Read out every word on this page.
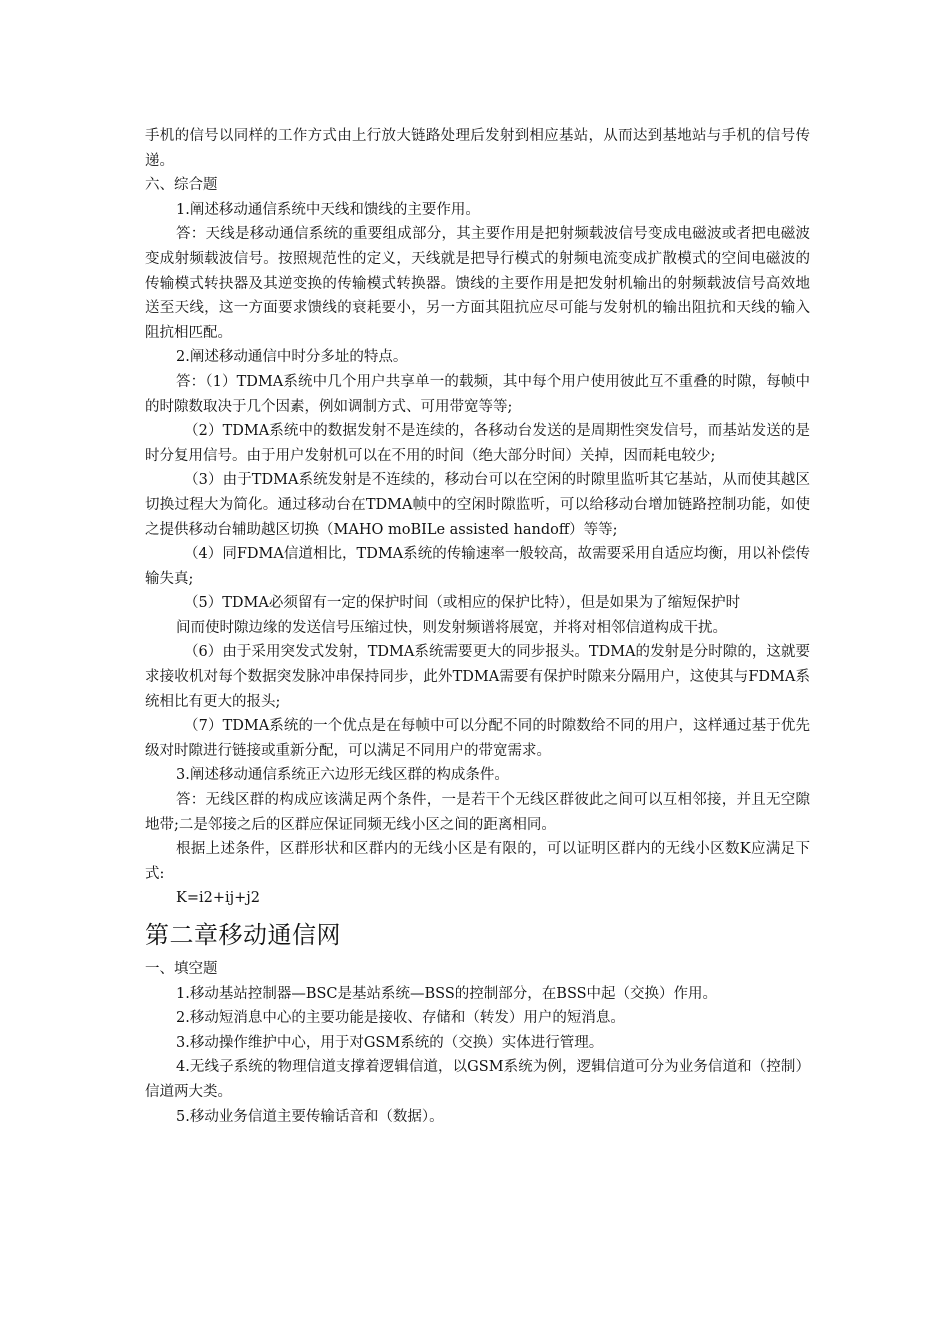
手机的信号以同样的工作方式由上行放大链路处理后发射到相应基站，从而达到基地站与手机的信号传递。

六、综合题

1.阐述移动通信系统中天线和馈线的主要作用。

答：天线是移动通信系统的重要组成部分，其主要作用是把射频载波信号变成电磁波或者把电磁波变成射频载波信号。按照规范性的定义，天线就是把导行模式的射频电流变成扩散模式的空间电磁波的传输模式转抉器及其逆变换的传输模式转换器。馈线的主要作用是把发射机输出的射频载波信号高效地送至天线，这一方面要求馈线的衰耗要小，另一方面其阻抗应尽可能与发射机的输出阻抗和天线的输入阻抗相匹配。

2.阐述移动通信中时分多址的特点。

答：（1）TDMA系统中几个用户共享单一的载频，其中每个用户使用彼此互不重叠的时隙，每帧中的时隙数取决于几个因素，例如调制方式、可用带宽等等;

（2）TDMA系统中的数据发射不是连续的，各移动台发送的是周期性突发信号，而基站发送的是时分复用信号。由于用户发射机可以在不用的时间（绝大部分时间）关掉，因而耗电较少;

（3）由于TDMA系统发射是不连续的，移动台可以在空闲的时隙里监听其它基站，从而使其越区切换过程大为简化。通过移动台在TDMA帧中的空闲时隙监听，可以给移动台增加链路控制功能，如使之提供移动台辅助越区切换（MAHO moBILe assisted handoff）等等;

（4）同FDMA信道相比，TDMA系统的传输速率一般较高，故需要采用自适应均衡，用以补偿传输失真;

（5）TDMA必须留有一定的保护时间（或相应的保护比特），但是如果为了缩短保护时

间而使时隙边缘的发送信号压缩过快，则发射频谱将展宽，并将对相邻信道构成干扰。

（6）由于采用突发式发射，TDMA系统需要更大的同步报头。TDMA的发射是分时隙的，这就要求接收机对每个数据突发脉冲串保持同步，此外TDMA需要有保护时隙来分隔用户，这使其与FDMA系统相比有更大的报头;

（7）TDMA系统的一个优点是在每帧中可以分配不同的时隙数给不同的用户，这样通过基于优先级对时隙进行链接或重新分配，可以满足不同用户的带宽需求。

3.阐述移动通信系统正六边形无线区群的构成条件。

答：无线区群的构成应该满足两个条件，一是若干个无线区群彼此之间可以互相邻接，并且无空隙地带;二是邻接之后的区群应保证同频无线小区之间的距离相同。

根据上述条件，区群形状和区群内的无线小区是有限的，可以证明区群内的无线小区数K应满足下式:

K=i2+ij+j2

第二章移动通信网

一、填空题

1.移动基站控制器—BSC是基站系统—BSS的控制部分，在BSS中起（交换）作用。

2.移动短消息中心的主要功能是接收、存储和（转发）用户的短消息。

3.移动操作维护中心，用于对GSM系统的（交换）实体进行管理。

4.无线子系统的物理信道支撑着逻辑信道，以GSM系统为例，逻辑信道可分为业务信道和（控制）信道两大类。

5.移动业务信道主要传输话音和（数据）。
